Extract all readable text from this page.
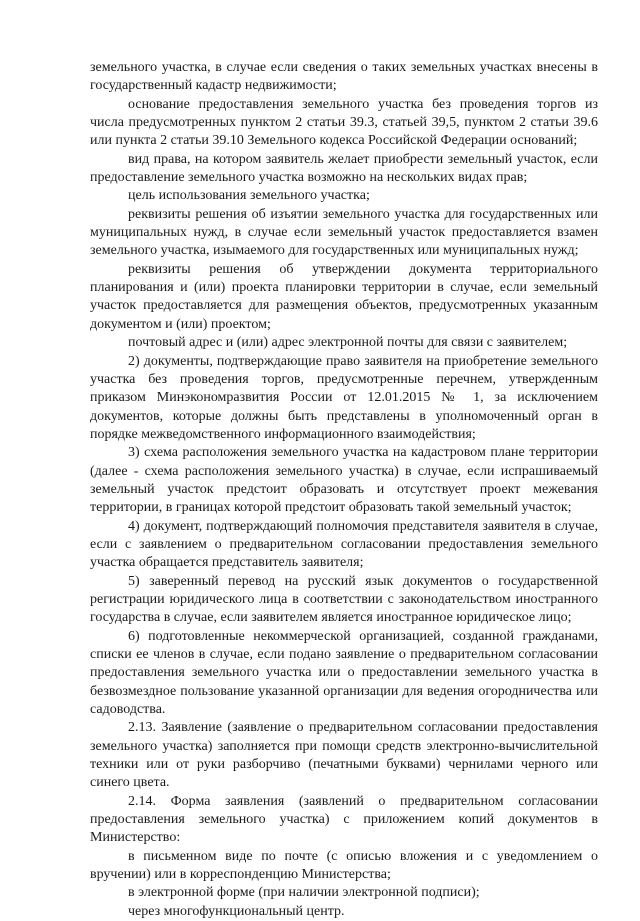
земельного участка, в случае если сведения о таких земельных участках внесены в государственный кадастр недвижимости;

основание предоставления земельного участка без проведения торгов из числа предусмотренных пунктом 2 статьи 39.3, статьей 39,5, пунктом 2 статьи 39.6 или пункта 2 статьи 39.10 Земельного кодекса Российской Федерации оснований;

вид права, на котором заявитель желает приобрести земельный участок, если предоставление земельного участка возможно на нескольких видах прав;

цель использования земельного участка;

реквизиты решения об изъятии земельного участка для государственных или муниципальных нужд, в случае если земельный участок предоставляется взамен земельного участка, изымаемого для государственных или муниципальных нужд;

реквизиты решения об утверждении документа территориального планирования и (или) проекта планировки территории в случае, если земельный участок предоставляется для размещения объектов, предусмотренных указанным документом и (или) проектом;

почтовый адрес и (или) адрес электронной почты для связи с заявителем;

2) документы, подтверждающие право заявителя на приобретение земельного участка без проведения торгов, предусмотренные перечнем, утвержденным приказом Минэкономразвития России от 12.01.2015 № 1, за исключением документов, которые должны быть представлены в уполномоченный орган в порядке межведомственного информационного взаимодействия;

3) схема расположения земельного участка на кадастровом плане территории (далее - схема расположения земельного участка) в случае, если испрашиваемый земельный участок предстоит образовать и отсутствует проект межевания территории, в границах которой предстоит образовать такой земельный участок;

4) документ, подтверждающий полномочия представителя заявителя в случае, если с заявлением о предварительном согласовании предоставления земельного участка обращается представитель заявителя;

5) заверенный перевод на русский язык документов о государственной регистрации юридического лица в соответствии с законодательством иностранного государства в случае, если заявителем является иностранное юридическое лицо;

6) подготовленные некоммерческой организацией, созданной гражданами, списки ее членов в случае, если подано заявление о предварительном согласовании предоставления земельного участка или о предоставлении земельного участка в безвозмездное пользование указанной организации для ведения огородничества или садоводства.

2.13. Заявление (заявление о предварительном согласовании предоставления земельного участка) заполняется при помощи средств электронно-вычислительной техники или от руки разборчиво (печатными буквами) чернилами черного или синего цвета.

2.14. Форма заявления (заявлений о предварительном согласовании предоставления земельного участка) с приложением копий документов в Министерство:

в письменном виде по почте (с описью вложения и с уведомлением о вручении) или в корреспонденцию Министерства;

в электронной форме (при наличии электронной подписи);

через многофункциональный центр.
